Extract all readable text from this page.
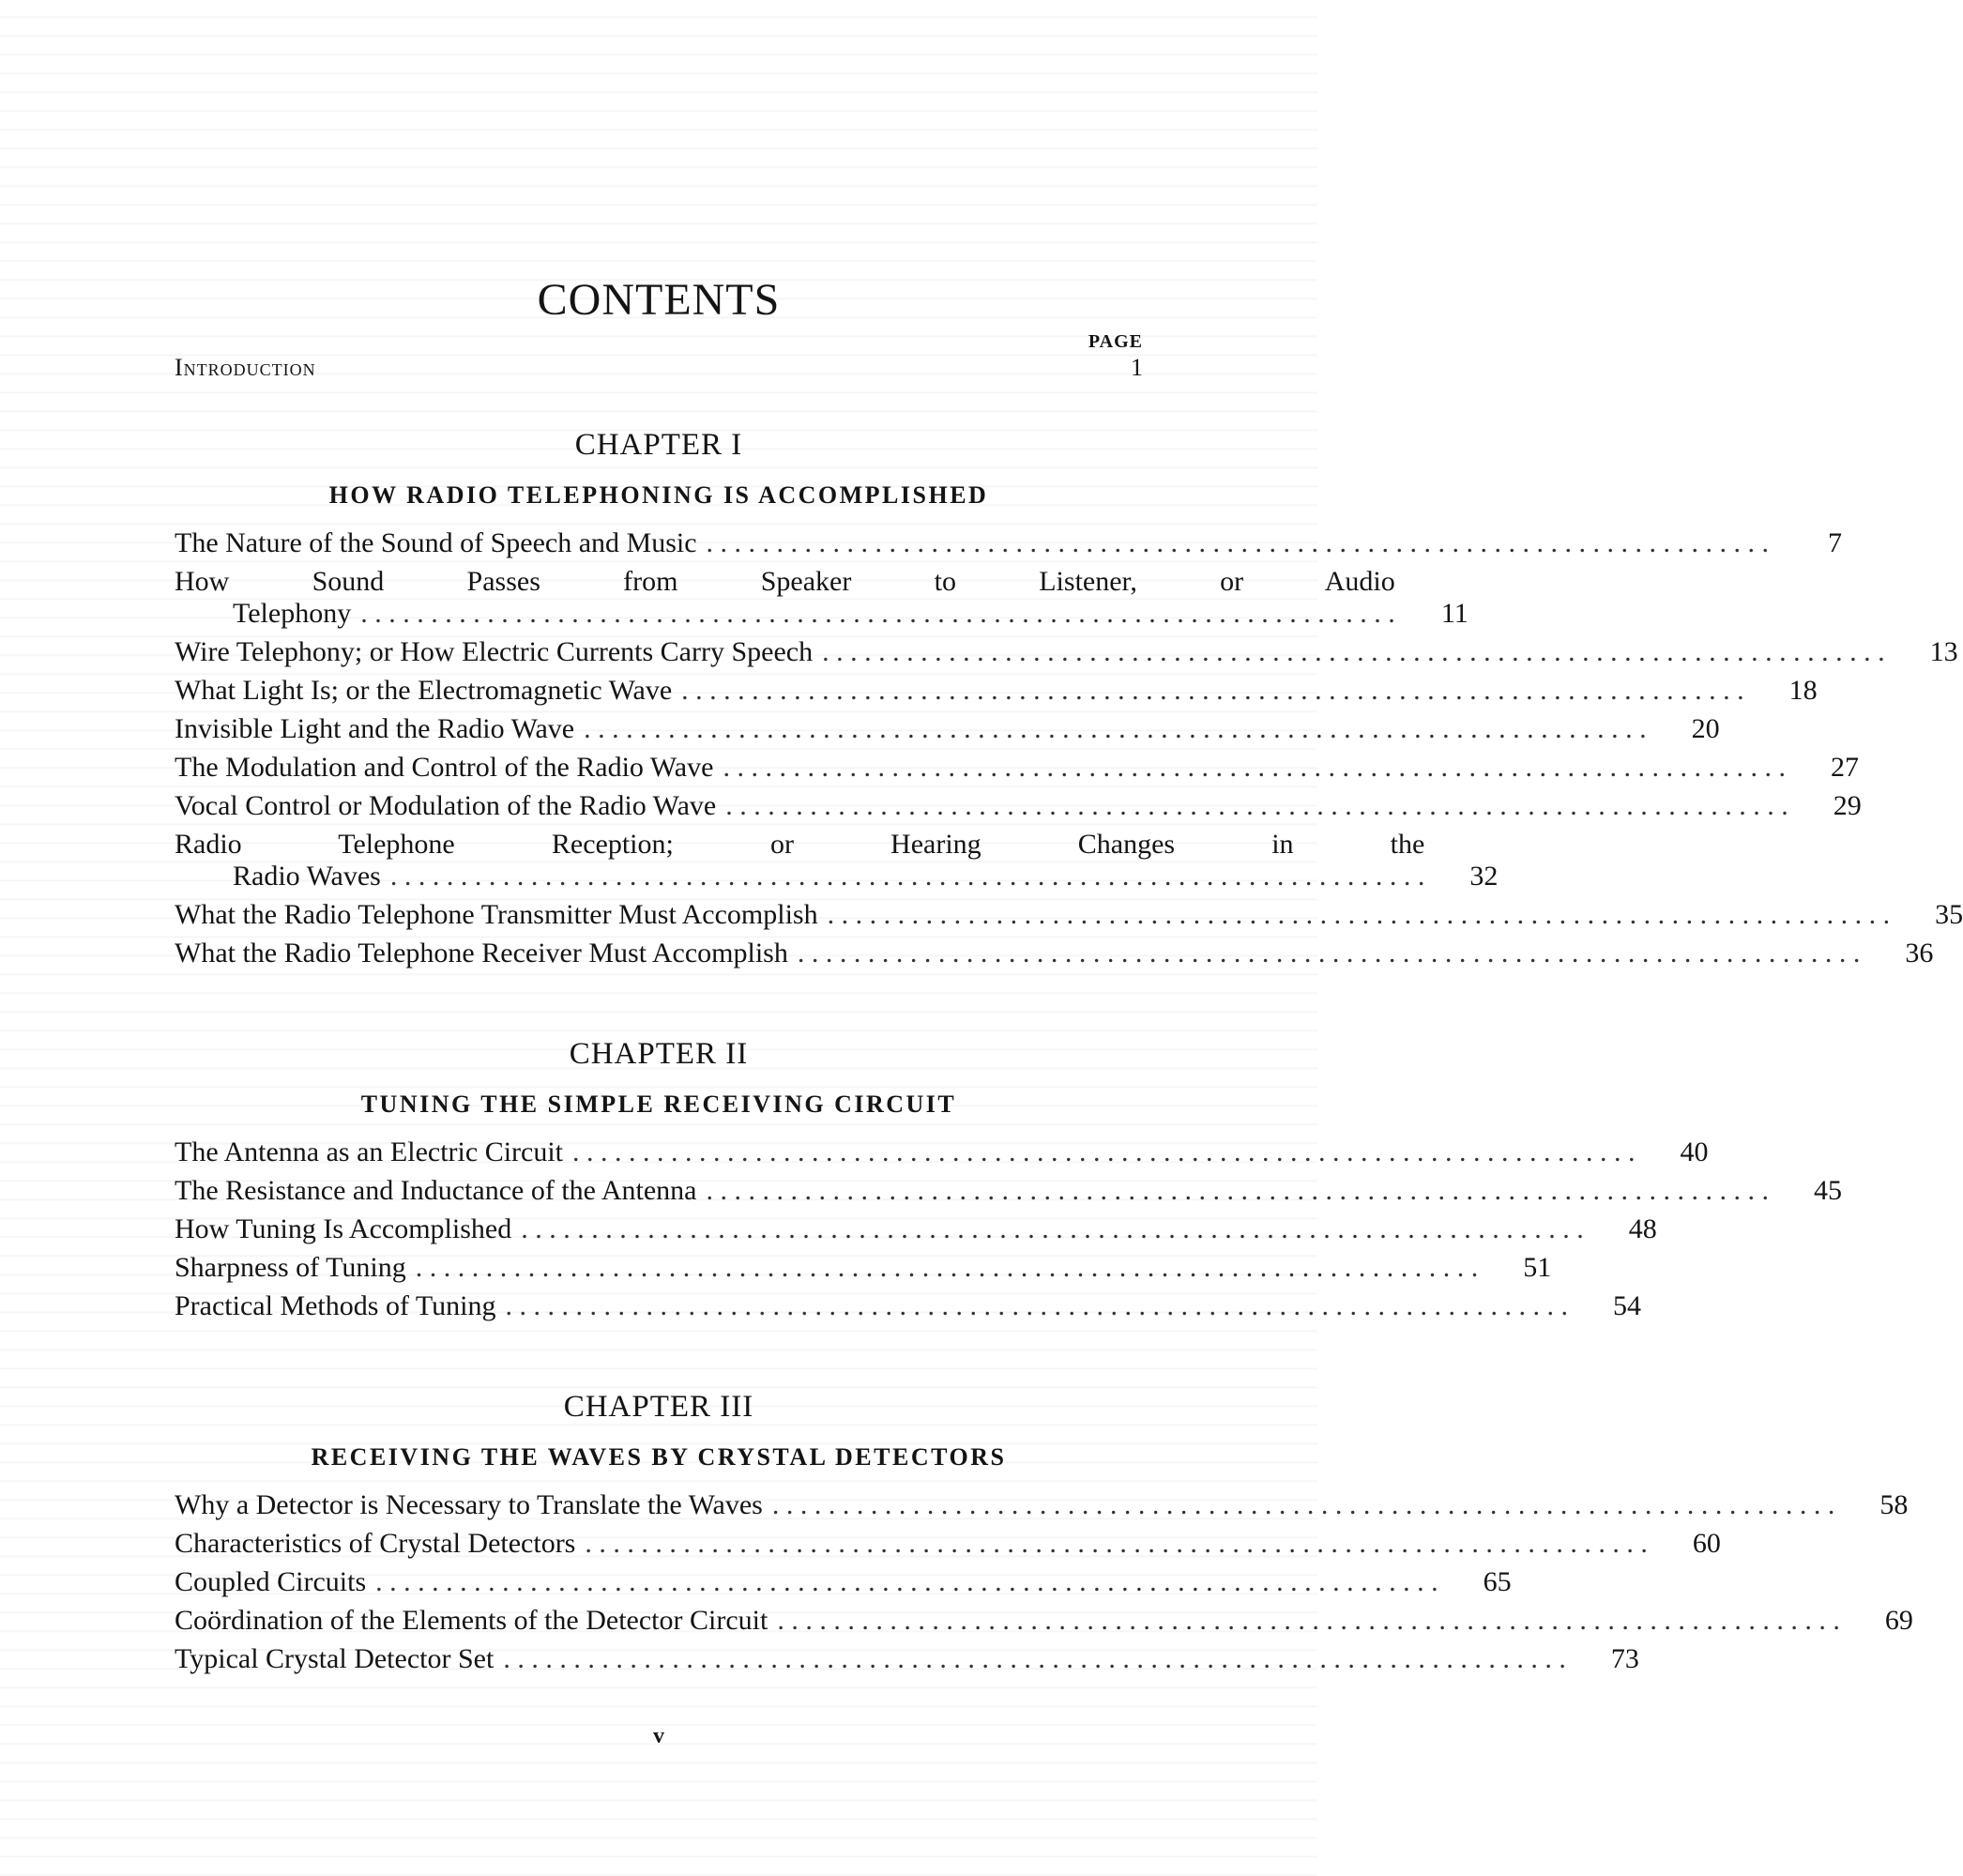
CONTENTS
PAGE
Introduction	1
CHAPTER I
HOW RADIO TELEPHONING IS ACCOMPLISHED
The Nature of the Sound of Speech and Music . . .	7
How Sound Passes from Speaker to Listener, or Audio
Telephony . . .	11
Wire Telephony; or How Electric Currents Carry Speech . . .	13
What Light Is; or the Electromagnetic Wave . . .	18
Invisible Light and the Radio Wave . . .	20
The Modulation and Control of the Radio Wave . . .	27
Vocal Control or Modulation of the Radio Wave . . .	29
Radio Telephone Reception; or Hearing Changes in the
Radio Waves . . .	32
What the Radio Telephone Transmitter Must Accomplish . . .	35
What the Radio Telephone Receiver Must Accomplish . . .	36
CHAPTER II
TUNING THE SIMPLE RECEIVING CIRCUIT
The Antenna as an Electric Circuit . . .	40
The Resistance and Inductance of the Antenna . . .	45
How Tuning Is Accomplished . . .	48
Sharpness of Tuning . . .	51
Practical Methods of Tuning . . .	54
CHAPTER III
RECEIVING THE WAVES BY CRYSTAL DETECTORS
Why a Detector is Necessary to Translate the Waves . . .	58
Characteristics of Crystal Detectors . . .	60
Coupled Circuits . . .	65
Coördination of the Elements of the Detector Circuit . . .	69
Typical Crystal Detector Set . . .	73
v
